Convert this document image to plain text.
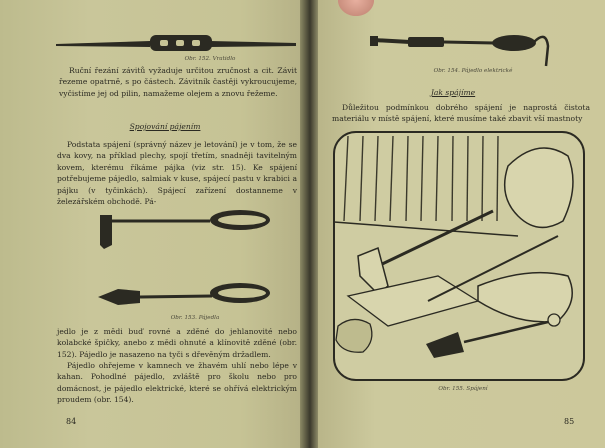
Obr. 152. Vratidlo

Ruční řezání závitů vyžaduje určitou zručnost a cit. Závit řezeme opatrně, s po částech. Závitník častěji vykroucujeme, vyčistíme jej od pilin, namažeme olejem a znovu řežeme.

Spojování pájením

Podstata spájení (správný název je letování) je v tom, že se dva kovy, na příklad plechy, spojí třetím, snadněji tavitelným kovem, kterému říkáme pájka (viz str. 15). Ke spájení potřebujeme pájedlo, salmiak v kuse, spájecí pastu v krabici a pájku (v tyčinkách). Spájecí zařízení dostanneme v železářském obchodě. Pá-

Obr. 153. Pájedla

jedlo je z mědi buď rovné a zděné do jehlanovité nebo kolabcké špičky, anebo z mědi ohnuté a klínovitě zděné (obr. 152). Pájedlo je nasazeno na tyči s dřevěným držadlem.

Pájedlo ohřejeme v kamnech ve žhavém uhlí nebo lépe v kahan. Pohodlné pájedlo, zvláště pro školu nebo pro domácnost, je pájedlo elektrické, které se ohřívá elektrickým proudem (obr. 154).

84
Obr. 154. Pájedlo elektrické
Jak spájíme

Důležitou podmínkou dobrého spájení je naprostá čistota materiálu v místě spájení, které musíme také zbavit vší mastnoty

Obr. 155. Spájení
85
